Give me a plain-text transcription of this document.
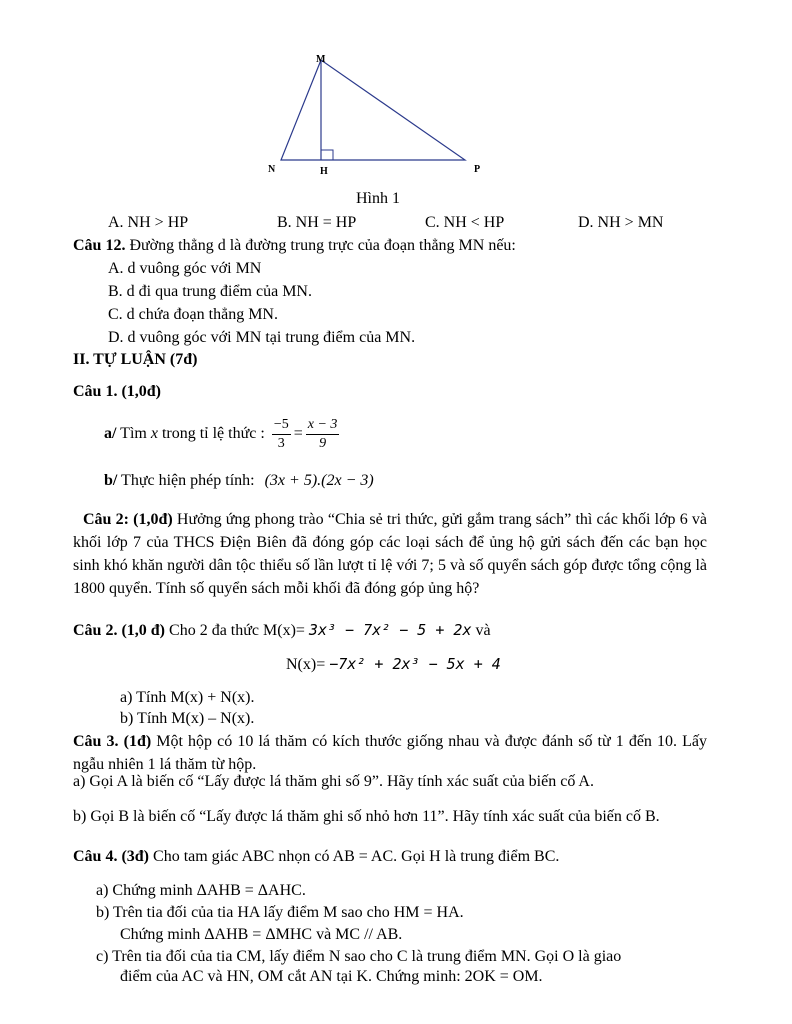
M
N	H	P
Hình 1
A. NH > HP	B. NH = HP	C. NH < HP	D. NH > MN
Câu 12. Đường thẳng d là đường trung trực của đoạn thẳng MN nếu:
A. d vuông góc với MN
B. d đi qua trung điểm của MN.
C. d chứa đoạn thẳng MN.
D. d vuông góc với MN tại trung điểm của MN.
II. TỰ LUẬN (7đ)
Câu 1. (1,0đ)
a/ Tìm x trong tỉ lệ thức : $\frac{-5}{3} = \frac{x - 3}{9}$
b/ Thực hiện phép tính: (3x + 5).(2x − 3)
Câu 2: (1,0đ) Hưởng ứng phong trào “Chia sẻ tri thức, gửi gắm trang sách” thì các khối lớp 6 và khối lớp 7 của THCS Điện Biên đã đóng góp các loại sách để ủng hộ gửi sách đến các bạn học sinh khó khăn người dân tộc thiểu số lần lượt tỉ lệ với 7; 5 và số quyển sách góp được tổng cộng là 1800 quyển. Tính số quyển sách mỗi khối đã đóng góp ủng hộ?
Câu 2. (1,0 đ) Cho 2 đa thức M(x)= 3x³ − 7x² − 5 + 2x và
N(x)= −7x² + 2x³ − 5x + 4
a) Tính M(x) + N(x).
b) Tính M(x) – N(x).
Câu 3. (1đ) Một hộp có 10 lá thăm có kích thước giống nhau và được đánh số từ 1 đến 10. Lấy ngẫu nhiên 1 lá thăm từ hộp.
a) Gọi A là biến cố “Lấy được lá thăm ghi số 9”. Hãy tính xác suất của biến cố A.
b) Gọi B là biến cố “Lấy được lá thăm ghi số nhỏ hơn 11”. Hãy tính xác suất của biến cố B.
Câu 4. (3đ) Cho tam giác ABC nhọn có AB = AC. Gọi H là trung điểm BC.
a) Chứng minh ΔAHB = ΔAHC.
b) Trên tia đối của tia HA lấy điểm M sao cho HM = HA.
Chứng minh ΔAHB = ΔMHC và MC // AB.
c) Trên tia đối của tia CM, lấy điểm N sao cho C là trung điểm MN. Gọi O là giao
điểm của AC và HN, OM cắt AN tại K. Chứng minh: 2OK = OM.
